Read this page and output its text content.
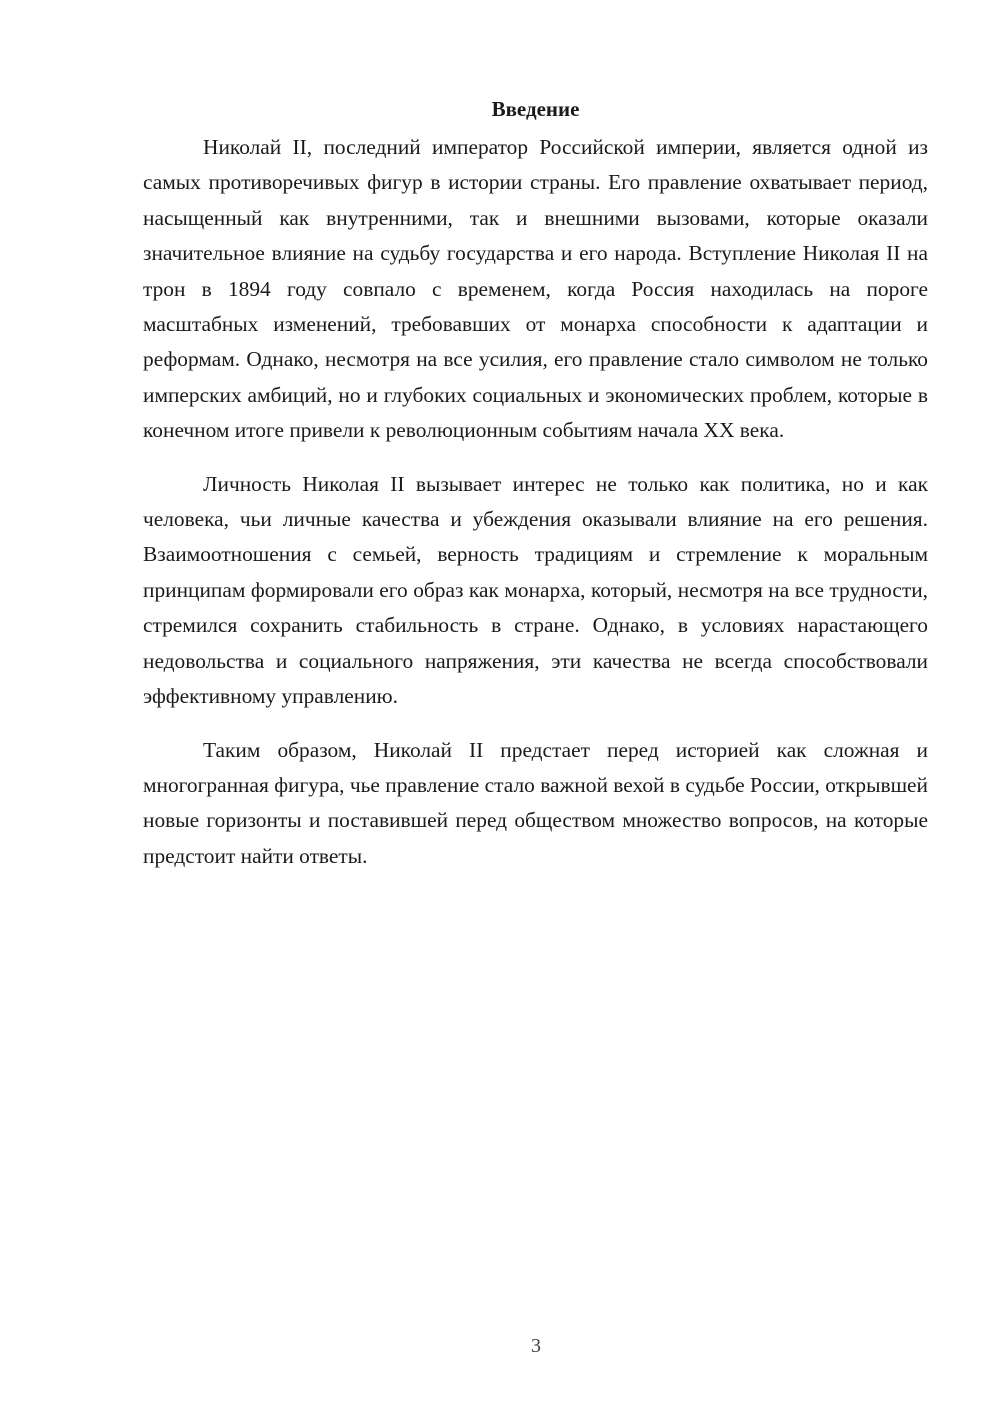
Введение

Николай II, последний император Российской империи, является одной из самых противоречивых фигур в истории страны. Его правление охватывает период, насыщенный как внутренними, так и внешними вызовами, которые оказали значительное влияние на судьбу государства и его народа. Вступление Николая II на трон в 1894 году совпало с временем, когда Россия находилась на пороге масштабных изменений, требовавших от монарха способности к адаптации и реформам. Однако, несмотря на все усилия, его правление стало символом не только имперских амбиций, но и глубоких социальных и экономических проблем, которые в конечном итоге привели к революционным событиям начала XX века.

Личность Николая II вызывает интерес не только как политика, но и как человека, чьи личные качества и убеждения оказывали влияние на его решения. Взаимоотношения с семьей, верность традициям и стремление к моральным принципам формировали его образ как монарха, который, несмотря на все трудности, стремился сохранить стабильность в стране. Однако, в условиях нарастающего недовольства и социального напряжения, эти качества не всегда способствовали эффективному управлению.

Таким образом, Николай II предстает перед историей как сложная и многогранная фигура, чье правление стало важной вехой в судьбе России, открывшей новые горизонты и поставившей перед обществом множество вопросов, на которые предстоит найти ответы.

3
